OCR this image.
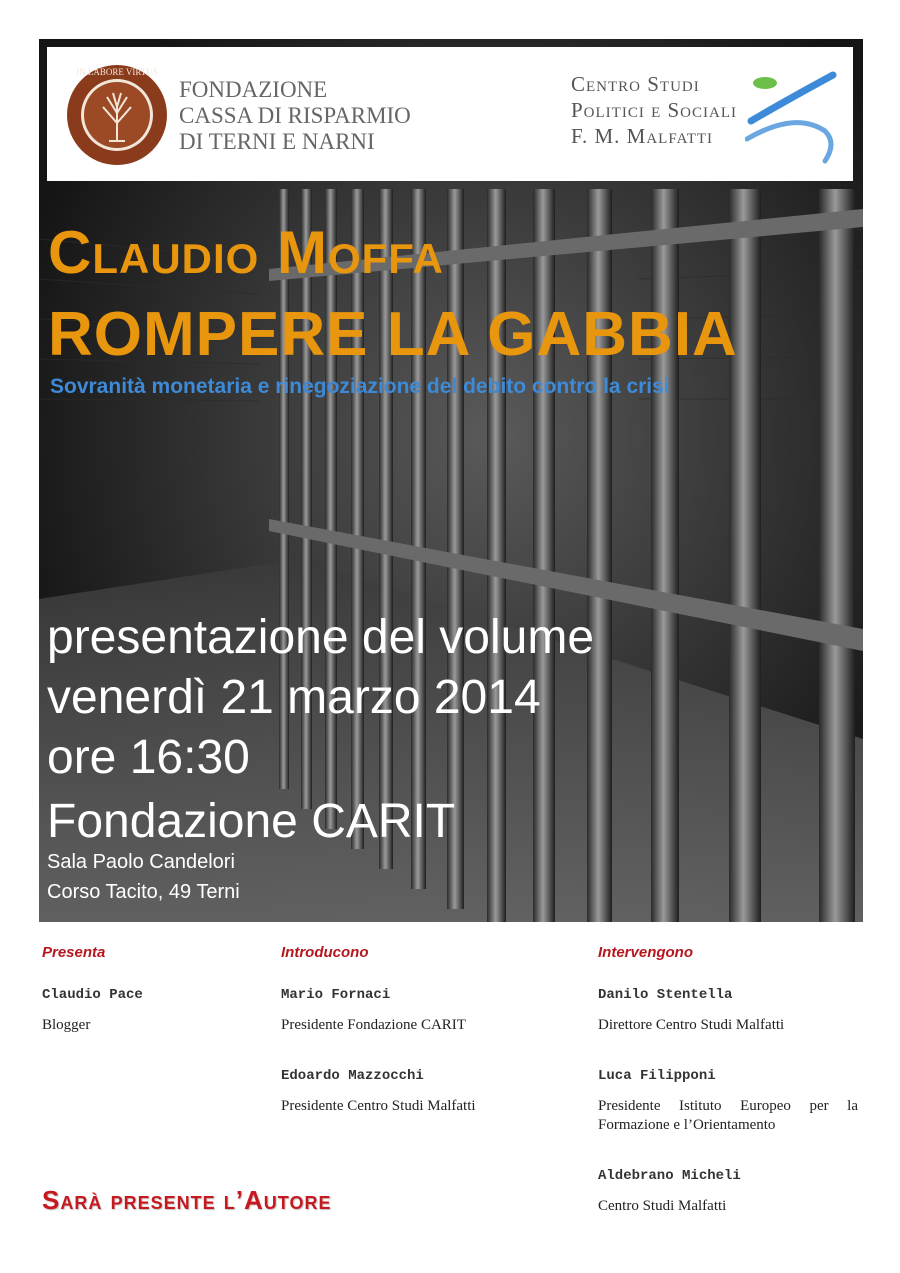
IN LABORE VIRTUS
FONDAZIONE
CASSA DI RISPARMIO
DI TERNI E NARNI
Centro Studi
Politici e Sociali
F. M. Malfatti
Claudio Moffa
ROMPERE LA GABBIA
Sovranità monetaria e rinegoziazione del debito contro la crisi
presentazione del volume
venerdì 21 marzo 2014
ore 16:30
Fondazione CARIT
Sala Paolo Candelori
Corso Tacito, 49 Terni
Presenta
Claudio Pace
Blogger
Introducono
Mario Fornaci
Presidente Fondazione CARIT
Edoardo Mazzocchi
Presidente Centro Studi Malfatti
Intervengono
Danilo Stentella
Direttore Centro Studi Malfatti
Luca Filipponi
Presidente Istituto Europeo per la Formazione e l’Orientamento
Aldebrano Micheli
Centro Studi Malfatti
Sarà presente l’Autore
